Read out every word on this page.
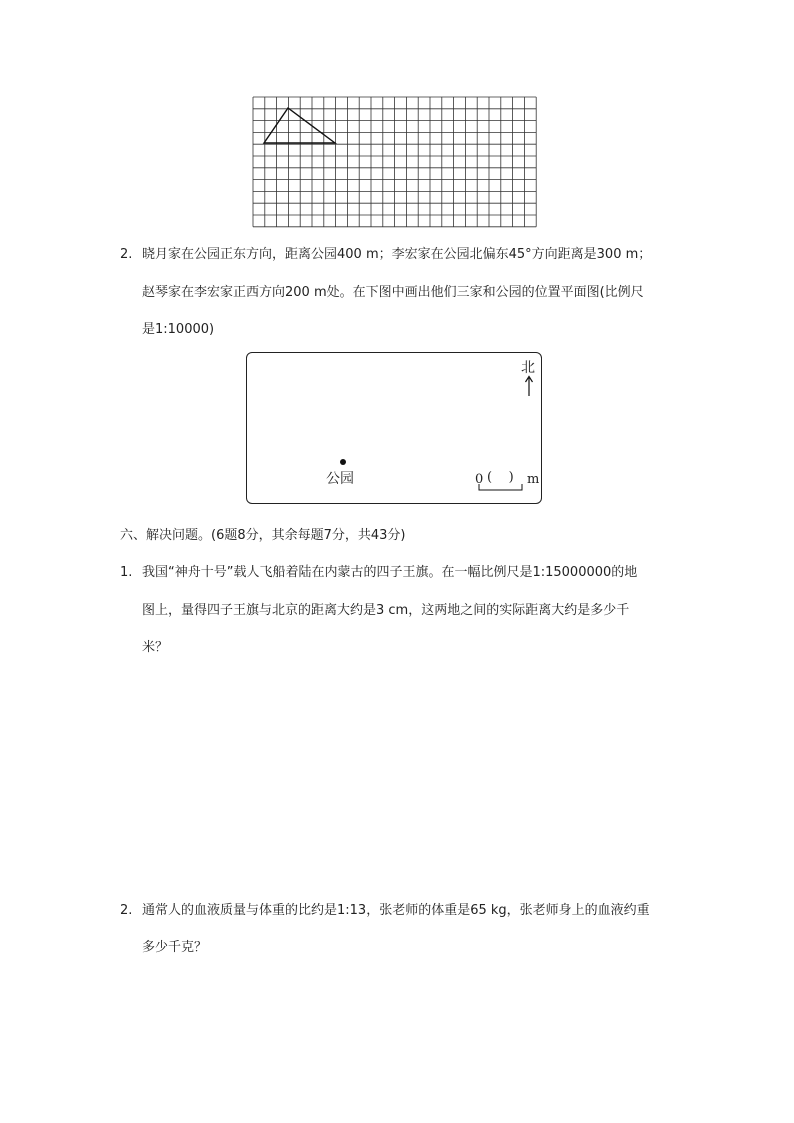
2. 晓月家在公园正东方向，距离公园400 m；李宏家在公园北偏东45°方向距离是300 m；
赵琴家在李宏家正西方向200 m处。在下图中画出他们三家和公园的位置平面图(比例尺
是1:10000)
北
公园	0 (    ) m
六、解决问题。(6题8分，其余每题7分，共43分)
1. 我国“神舟十号”载人飞船着陆在内蒙古的四子王旗。在一幅比例尺是1:15000000的地
图上，量得四子王旗与北京的距离大约是3 cm，这两地之间的实际距离大约是多少千
米？
2. 通常人的血液质量与体重的比约是1:13，张老师的体重是65 kg，张老师身上的血液约重
多少千克？
